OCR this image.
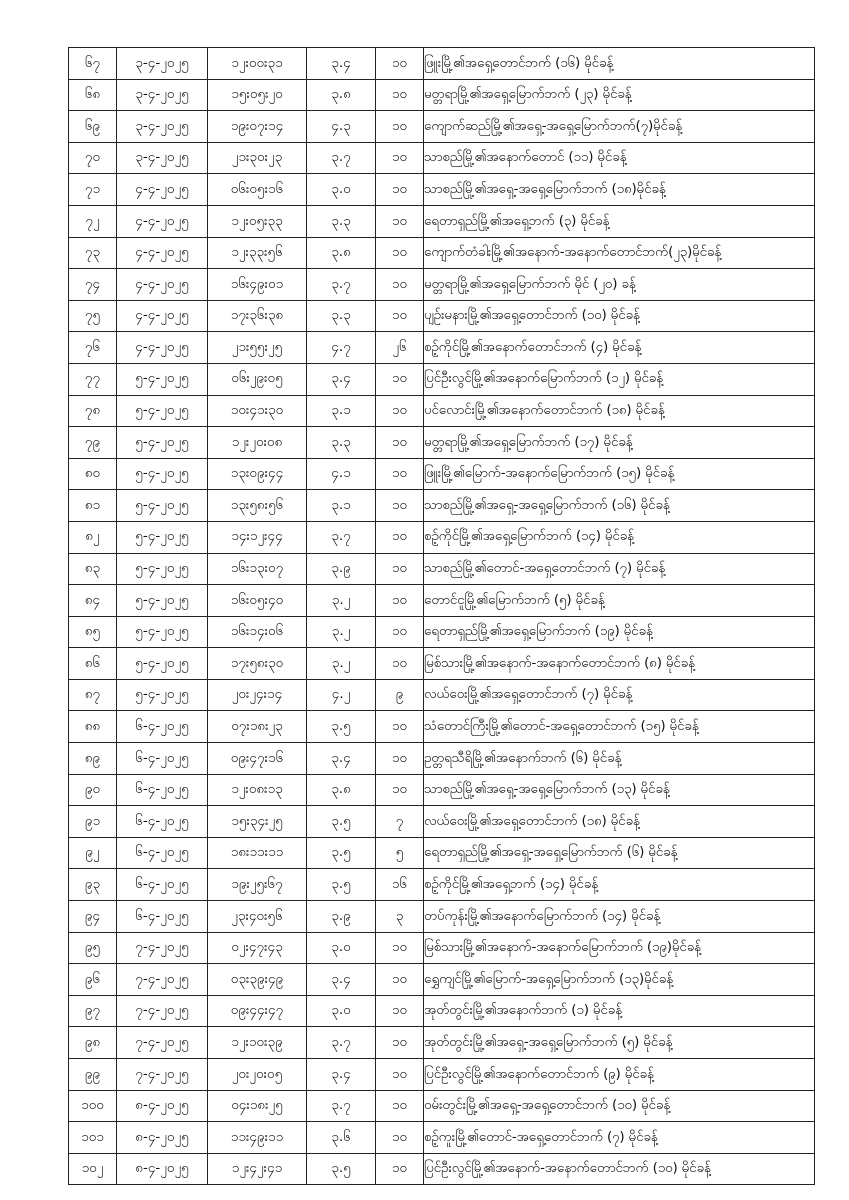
၆၇	၃-၄-၂၀၂၅	၁၂း၀၀း၃၁	၃.၄	၁၀	ဖြူးမြို့၏အရှေ့တောင်ဘက် (၁၆) မိုင်ခန့်
၆၈	၃-၄-၂၀၂၅	၁၅း၀၅း၂၀	၃.၈	၁၀	မတ္တရာမြို့၏အရှေ့မြောက်ဘက် (၂၃) မိုင်ခန့်
၆၉	၃-၄-၂၀၂၅	၁၉း၀၇း၁၄	၄.၃	၁၀	ကျောက်ဆည်မြို့၏အရှေ့-အရှေ့မြောက်ဘက်(၇)မိုင်ခန့်
၇၀	၃-၄-၂၀၂၅	၂၁း၃၀း၂၃	၃.၇	၁၀	သာစည်မြို့၏အနောက်တောင် (၁၁) မိုင်ခန့်
၇၁	၄-၄-၂၀၂၅	၀၆း၀၅း၁၆	၃.၀	၁၀	သာစည်မြို့၏အရှေ့-အရှေ့မြောက်ဘက် (၁၈)မိုင်ခန့်
၇၂	၄-၄-၂၀၂၅	၁၂း၀၅း၃၃	၃.၃	၁၀	ရေတာရှည်မြို့၏အရှေ့ဘက် (၃) မိုင်ခန့်
၇၃	၄-၄-၂၀၂၅	၁၂း၃၃း၅၆	၃.၈	၁၀	ကျောက်တံခါးမြို့၏အနောက်-အနောက်တောင်ဘက်(၂၃)မိုင်ခန့်
၇၄	၄-၄-၂၀၂၅	၁၆း၄၉း၀၁	၃.၇	၁၀	မတ္တရာမြို့၏အရှေ့မြောက်ဘက် မိုင် (၂၀) ခန့်
၇၅	၄-၄-၂၀၂၅	၁၇း၃၆း၃၈	၃.၃	၁၀	ပျဉ်းမနားမြို့၏အရှေ့တောင်ဘက် (၁၀) မိုင်ခန့်
၇၆	၄-၄-၂၀၂၅	၂၁း၅၅း၂၅	၄.၇	၂၆	စဉ့်ကိုင်မြို့၏အနောက်တောင်ဘက် (၄) မိုင်ခန့်
၇၇	၅-၄-၂၀၂၅	၀၆း၂၉း၀၅	၃.၄	၁၀	ပြင်ဦးလွင်မြို့၏အနောက်မြောက်ဘက် (၁၂) မိုင်ခန့်
၇၈	၅-၄-၂၀၂၅	၁၀း၄၁း၃၀	၃.၁	၁၀	ပင်လောင်းမြို့၏အနောက်တောင်ဘက် (၁၈) မိုင်ခန့်
၇၉	၅-၄-၂၀၂၅	၁၂း၂၀း၀၈	၃.၃	၁၀	မတ္တရာမြို့၏အရှေ့မြောက်ဘက် (၁၇) မိုင်ခန့်
၈၀	၅-၄-၂၀၂၅	၁၃း၀၉း၄၄	၄.၁	၁၀	ဖြူးမြို့၏မြောက်-အနောက်မြောက်ဘက် (၁၅) မိုင်ခန့်
၈၁	၅-၄-၂၀၂၅	၁၃း၅၈း၅၆	၃.၁	၁၀	သာစည်မြို့၏အရှေ့-အရှေ့မြောက်ဘက် (၁၆) မိုင်ခန့်
၈၂	၅-၄-၂၀၂၅	၁၄း၁၂း၄၄	၃.၇	၁၀	စဉ့်ကိုင်မြို့၏အရှေ့မြောက်ဘက် (၁၄) မိုင်ခန့်
၈၃	၅-၄-၂၀၂၅	၁၆း၁၃း၀၇	၃.၉	၁၀	သာစည်မြို့၏တောင်-အရှေ့တောင်ဘက် (၇) မိုင်ခန့်
၈၄	၅-၄-၂၀၂၅	၁၆း၀၅း၄၀	၃.၂	၁၀	တောင်ငူမြို့၏မြောက်ဘက် (၅) မိုင်ခန့်
၈၅	၅-၄-၂၀၂၅	၁၆း၁၄း၀၆	၃.၂	၁၀	ရေတာရှည်မြို့၏အရှေ့မြောက်ဘက် (၁၉) မိုင်ခန့်
၈၆	၅-၄-၂၀၂၅	၁၇း၅၈း၃၀	၃.၂	၁၀	မြစ်သားမြို့၏အနောက်-အနောက်တောင်ဘက် (၈) မိုင်ခန့်
၈၇	၅-၄-၂၀၂၅	၂၀း၂၄း၁၄	၄.၂	၉	လယ်ဝေးမြို့၏အရှေ့တောင်ဘက် (၇) မိုင်ခန့်
၈၈	၆-၄-၂၀၂၅	၀၇း၁၈း၂၃	၃.၅	၁၀	သံတောင်ကြီးမြို့၏တောင်-အရှေ့တောင်ဘက် (၁၅) မိုင်ခန့်
၈၉	၆-၄-၂၀၂၅	၀၉း၄၇း၁၆	၃.၄	၁၀	ဥတ္တရသီရိမြို့၏အနောက်ဘက် (၆) မိုင်ခန့်
၉၀	၆-၄-၂၀၂၅	၁၂း၀၈း၁၃	၃.၈	၁၀	သာစည်မြို့၏အရှေ့-အရှေ့မြောက်ဘက် (၁၃) မိုင်ခန့်
၉၁	၆-၄-၂၀၂၅	၁၅း၃၄း၂၅	၃.၅	၇	လယ်ဝေးမြို့၏အရှေ့တောင်ဘက် (၁၈) မိုင်ခန့်
၉၂	၆-၄-၂၀၂၅	၁၈း၁၁း၁၁	၃.၅	၅	ရေတာရှည်မြို့၏အရှေ့-အရှေ့မြောက်ဘက် (၆) မိုင်ခန့်
၉၃	၆-၄-၂၀၂၅	၁၉း၂၅း၆၇	၃.၅	၁၆	စဉ့်ကိုင်မြို့၏အရှေ့ဘက် (၁၄) မိုင်ခန့်
၉၄	၆-၄-၂၀၂၅	၂၃း၄၀း၅၆	၃.၉	၃	တပ်ကုန်းမြို့၏အနောက်မြောက်ဘက် (၁၄) မိုင်ခန့်
၉၅	၇-၄-၂၀၂၅	၀၂း၄၇း၄၃	၃.၀	၁၀	မြစ်သားမြို့၏အနောက်-အနောက်မြောက်ဘက် (၁၉)မိုင်ခန့်
၉၆	၇-၄-၂၀၂၅	၀၃း၃၉း၄၉	၃.၄	၁၀	ရွှေကျင်မြို့၏မြောက်-အရှေ့မြောက်ဘက် (၁၃)မိုင်ခန့်
၉၇	၇-၄-၂၀၂၅	၀၉း၄၄း၄၇	၃.၀	၁၀	အုတ်တွင်းမြို့၏အနောက်ဘက် (၁) မိုင်ခန့်
၉၈	၇-၄-၂၀၂၅	၁၂း၁၀း၃၉	၃.၇	၁၀	အုတ်တွင်းမြို့၏အရှေ့-အရှေ့မြောက်ဘက် (၅) မိုင်ခန့်
၉၉	၇-၄-၂၀၂၅	၂၀း၂၀း၀၅	၃.၄	၁၀	ပြင်ဦးလွင်မြို့၏အနောက်တောင်ဘက် (၉) မိုင်ခန့်
၁၀၀	၈-၄-၂၀၂၅	၀၄း၁၈း၂၅	၃.၇	၁၀	ဝမ်းတွင်းမြို့၏အရှေ့-အရှေ့တောင်ဘက် (၁၀) မိုင်ခန့်
၁၀၁	၈-၄-၂၀၂၅	၁၁း၄၉း၁၁	၃.၆	၁၀	စဉ့်ကူးမြို့၏တောင်-အရှေ့တောင်ဘက် (၇) မိုင်ခန့်
၁၀၂	၈-၄-၂၀၂၅	၁၂း၄၂း၄၁	၃.၅	၁၀	ပြင်ဦးလွင်မြို့၏အနောက်-အနောက်တောင်ဘက် (၁၀) မိုင်ခန့်
